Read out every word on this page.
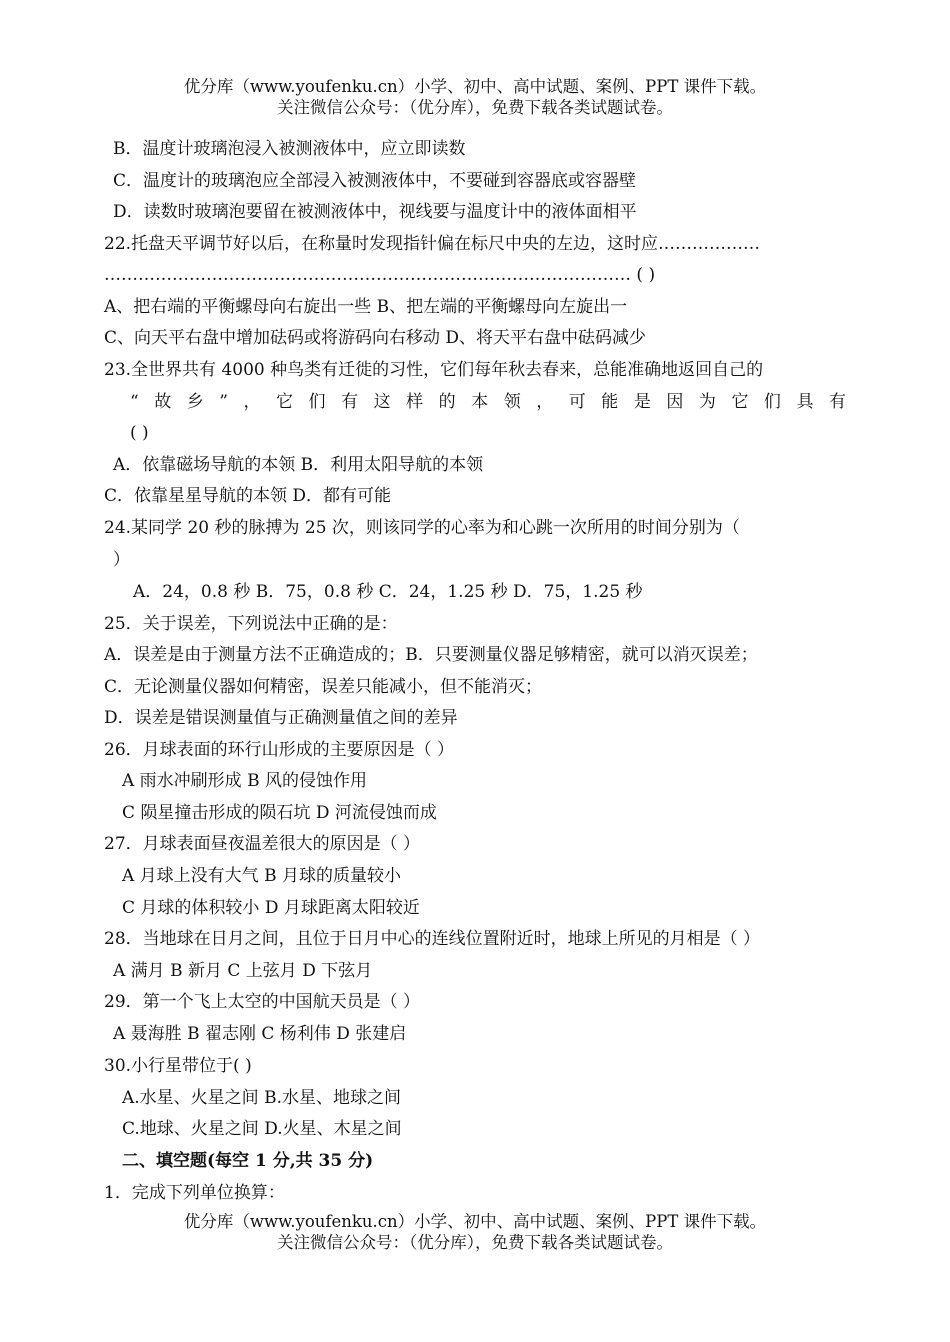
优分库（www.youfenku.cn）小学、初中、高中试题、案例、PPT 课件下载。
关注微信公众号：（优分库），免费下载各类试题试卷。
B．温度计玻璃泡浸入被测液体中，应立即读数
C．温度计的玻璃泡应全部浸入被测液体中，不要碰到容器底或容器壁
D．读数时玻璃泡要留在被测液体中，视线要与温度计中的液体面相平
22.托盘天平调节好以后，在称量时发现指针偏在标尺中央的左边，这时应………………
………………………………………………………………………………… ( )
A、把右端的平衡螺母向右旋出一些 B、把左端的平衡螺母向左旋出一
C、向天平右盘中增加砝码或将游码向右移动 D、将天平右盘中砝码减少
23.全世界共有 4000 种鸟类有迁徙的习性，它们每年秋去春来，总能准确地返回自己的
“故乡”，它们有这样的本领，可能是因为它们具有
( )
A．依靠磁场导航的本领 B．利用太阳导航的本领
C．依靠星星导航的本领 D．都有可能
24.某同学 20 秒的脉搏为 25 次，则该同学的心率为和心跳一次所用的时间分别为（
）
A．24，0.8 秒 B．75，0.8 秒 C．24，1.25 秒 D．75，1.25 秒
25．关于误差，下列说法中正确的是：
A．误差是由于测量方法不正确造成的；B．只要测量仪器足够精密，就可以消灭误差；
C．无论测量仪器如何精密，误差只能减小，但不能消灭；
D．误差是错误测量值与正确测量值之间的差异
26．月球表面的环行山形成的主要原因是（ ）
A 雨水冲刷形成 B 风的侵蚀作用
C 陨星撞击形成的陨石坑 D 河流侵蚀而成
27．月球表面昼夜温差很大的原因是（ ）
A 月球上没有大气 B 月球的质量较小
C 月球的体积较小 D 月球距离太阳较近
28．当地球在日月之间，且位于日月中心的连线位置附近时，地球上所见的月相是（ ）
A 满月 B 新月 C 上弦月 D 下弦月
29．第一个飞上太空的中国航天员是（ ）
A 聂海胜 B 翟志刚 C 杨利伟 D 张建启
30.小行星带位于( )
A.水星、火星之间 B.水星、地球之间
C.地球、火星之间 D.火星、木星之间
二、填空题(每空 1 分,共 35 分)
1．完成下列单位换算：
优分库（www.youfenku.cn）小学、初中、高中试题、案例、PPT 课件下载。
关注微信公众号：（优分库），免费下载各类试题试卷。
